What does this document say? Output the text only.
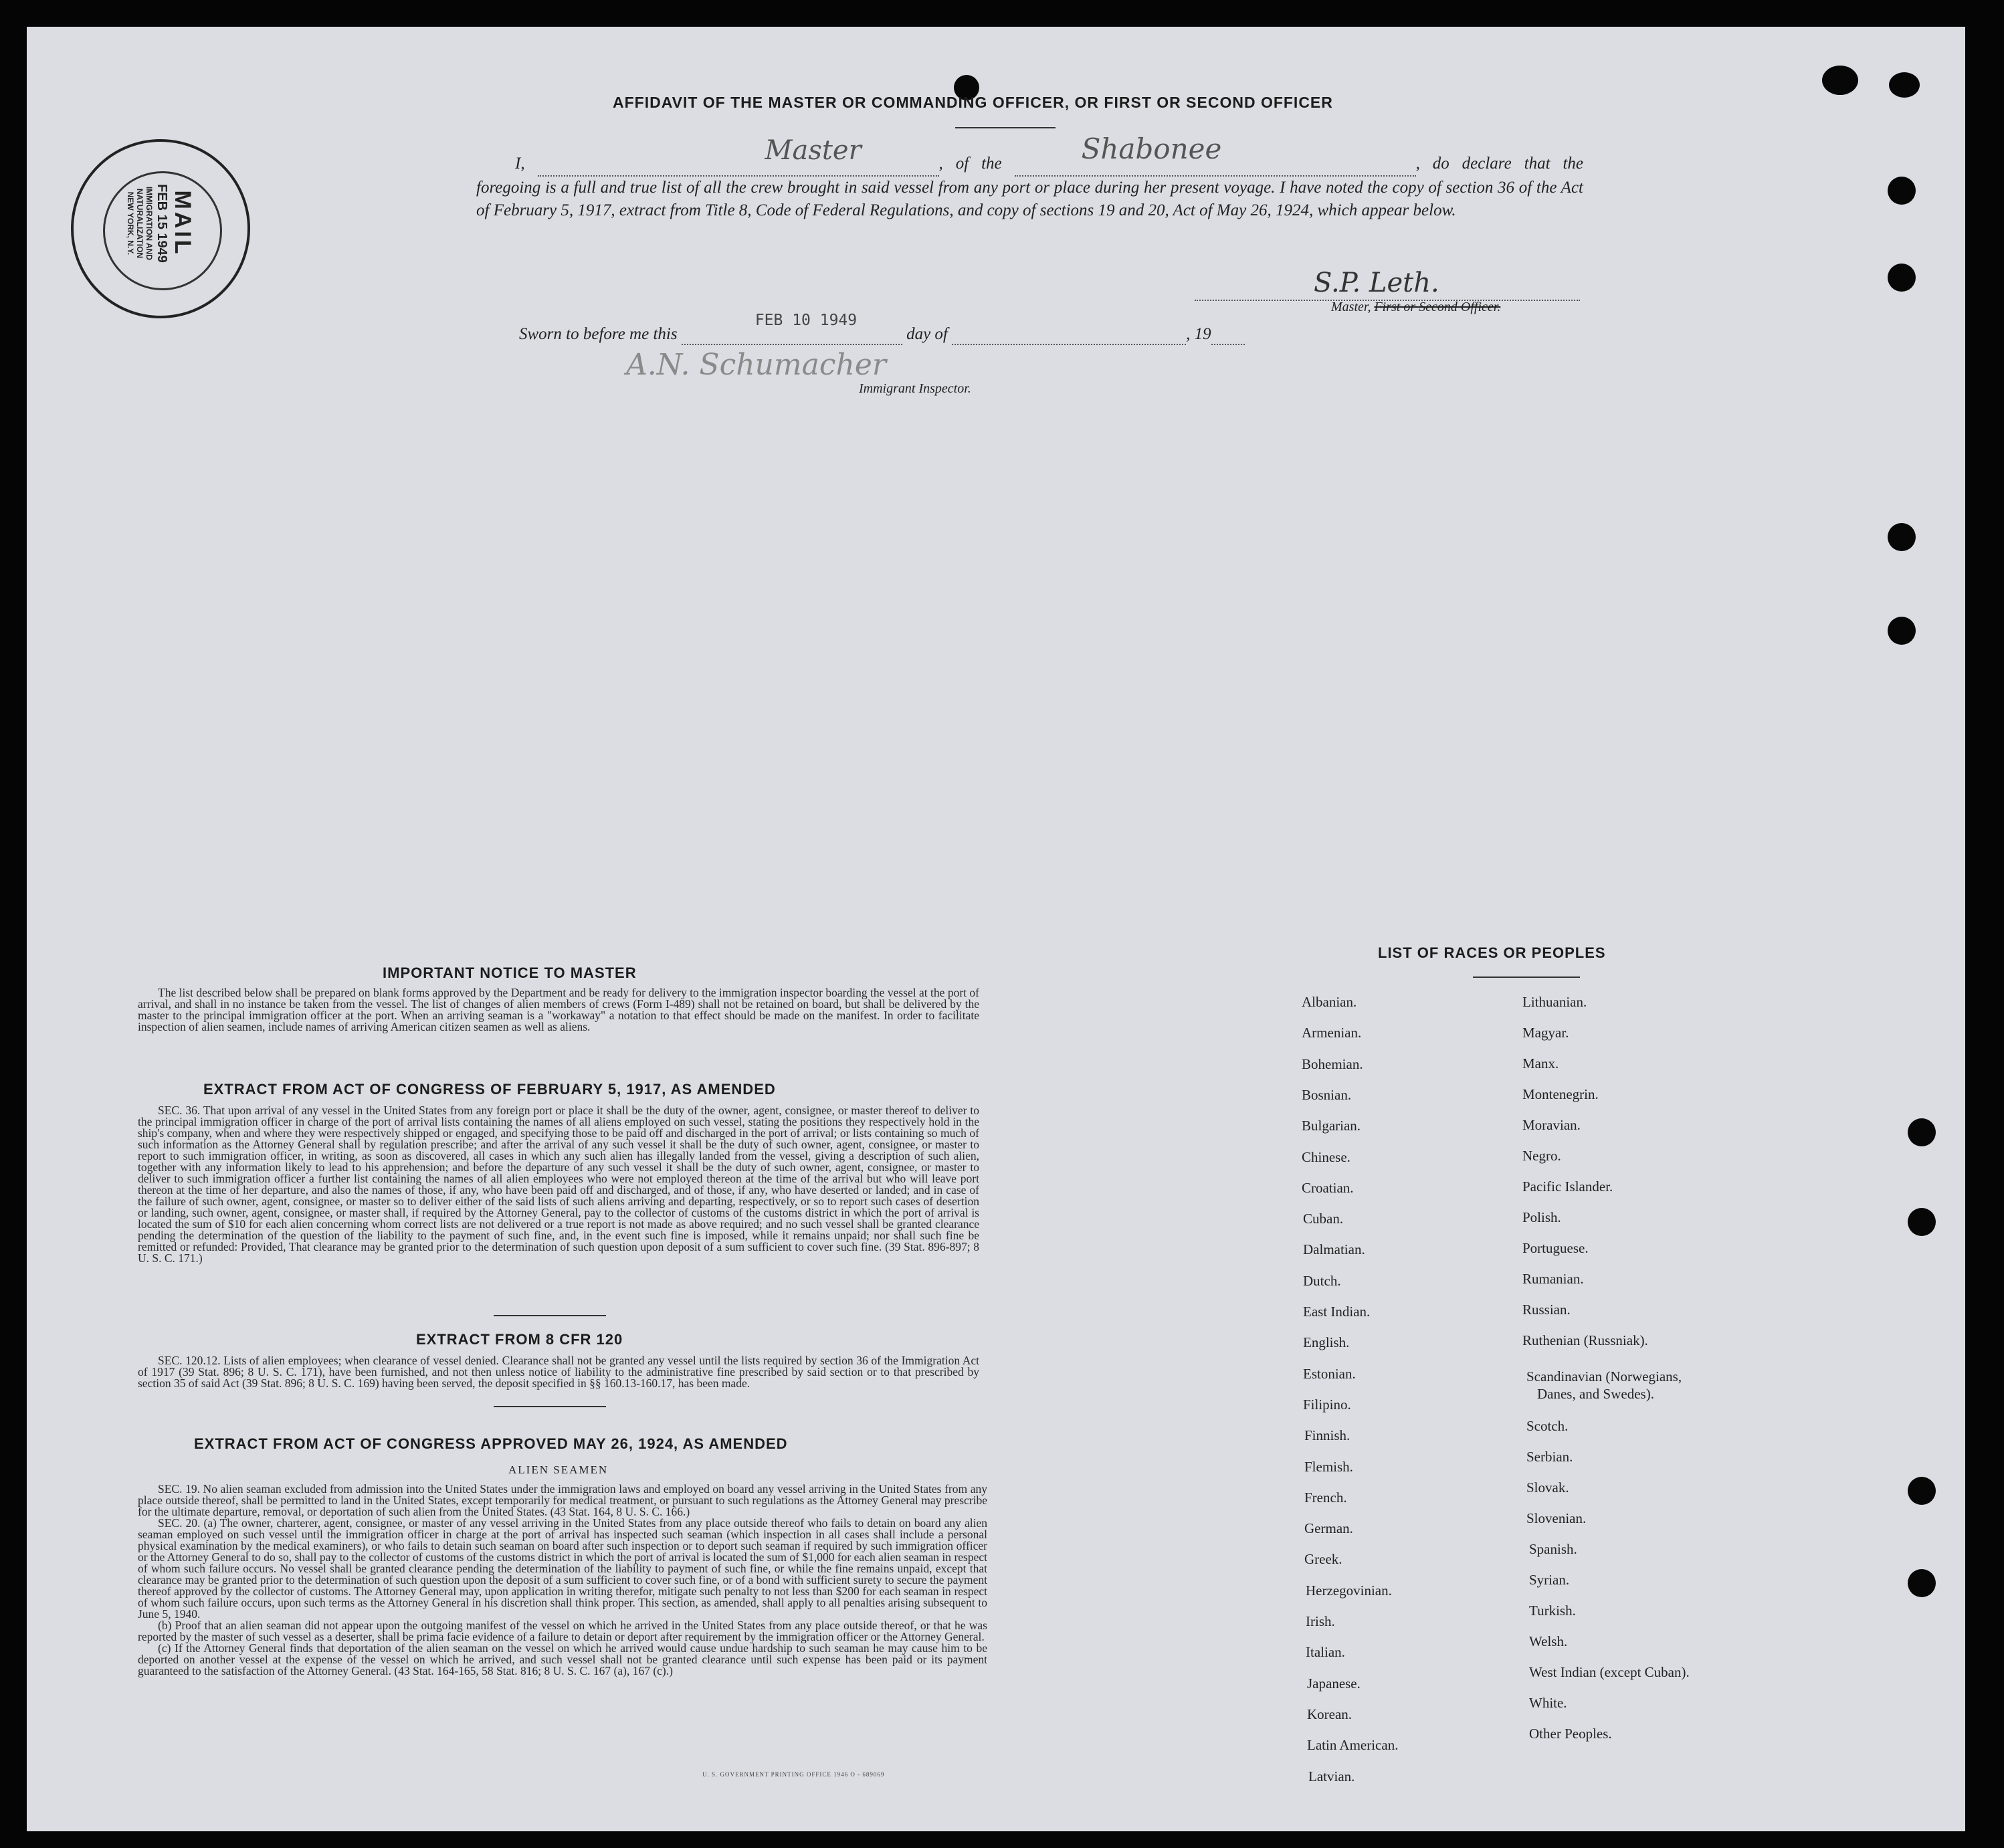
AFFIDAVIT OF THE MASTER OR COMMANDING OFFICER, OR FIRST OR SECOND OFFICER
I,	Master	, of the	Shabonee	, do declare that the foregoing is a full and true list of all the crew brought in said vessel from any port or place during her present voyage. I have noted the copy of section 36 of the Act of February 5, 1917, extract from Title 8, Code of Federal Regulations, and copy of sections 19 and 20, Act of May 26, 1924, which appear below.
S.P. Leth.
Master, First or Second Officer.
Sworn to before me this
FEB 10 1949
day of	, 19
A.N. Schumacher
Immigrant Inspector.
MAIL
FEB 15 1949
IMMIGRATION AND NATURALIZATION
NEW YORK, N.Y.
IMPORTANT NOTICE TO MASTER

The list described below shall be prepared on blank forms approved by the Department and be ready for delivery to the immigration inspector boarding the vessel at the port of arrival, and shall in no instance be taken from the vessel. The list of changes of alien members of crews (Form I-489) shall not be retained on board, but shall be delivered by the master to the principal immigration officer at the port. When an arriving seaman is a "workaway" a notation to that effect should be made on the manifest. In order to facilitate inspection of alien seamen, include names of arriving American citizen seamen as well as aliens.

EXTRACT FROM ACT OF CONGRESS OF FEBRUARY 5, 1917, AS AMENDED

SEC. 36. That upon arrival of any vessel in the United States from any foreign port or place it shall be the duty of the owner, agent, consignee, or master thereof to deliver to the principal immigration officer in charge of the port of arrival lists containing the names of all aliens employed on such vessel, stating the positions they respectively hold in the ship's company, when and where they were respectively shipped or engaged, and specifying those to be paid off and discharged in the port of arrival; or lists containing so much of such information as the Attorney General shall by regulation prescribe; and after the arrival of any such vessel it shall be the duty of such owner, agent, consignee, or master to report to such immigration officer, in writing, as soon as discovered, all cases in which any such alien has illegally landed from the vessel, giving a description of such alien, together with any information likely to lead to his apprehension; and before the departure of any such vessel it shall be the duty of such owner, agent, consignee, or master to deliver to such immigration officer a further list containing the names of all alien employees who were not employed thereon at the time of the arrival but who will leave port thereon at the time of her departure, and also the names of those, if any, who have been paid off and discharged, and of those, if any, who have deserted or landed; and in case of the failure of such owner, agent, consignee, or master so to deliver either of the said lists of such aliens arriving and departing, respectively, or so to report such cases of desertion or landing, such owner, agent, consignee, or master shall, if required by the Attorney General, pay to the collector of customs of the customs district in which the port of arrival is located the sum of $10 for each alien concerning whom correct lists are not delivered or a true report is not made as above required; and no such vessel shall be granted clearance pending the determination of the question of the liability to the payment of such fine, and, in the event such fine is imposed, while it remains unpaid; nor shall such fine be remitted or refunded: Provided, That clearance may be granted prior to the determination of such question upon deposit of a sum sufficient to cover such fine. (39 Stat. 896-897; 8 U. S. C. 171.)

EXTRACT FROM 8 CFR 120

SEC. 120.12. Lists of alien employees; when clearance of vessel denied. Clearance shall not be granted any vessel until the lists required by section 36 of the Immigration Act of 1917 (39 Stat. 896; 8 U. S. C. 171), have been furnished, and not then unless notice of liability to the administrative fine prescribed by said section or to that prescribed by section 35 of said Act (39 Stat. 896; 8 U. S. C. 169) having been served, the deposit specified in §§ 160.13-160.17, has been made.

EXTRACT FROM ACT OF CONGRESS APPROVED MAY 26, 1924, AS AMENDED
ALIEN SEAMEN

SEC. 19. No alien seaman excluded from admission into the United States under the immigration laws and employed on board any vessel arriving in the United States from any place outside thereof, shall be permitted to land in the United States, except temporarily for medical treatment, or pursuant to such regulations as the Attorney General may prescribe for the ultimate departure, removal, or deportation of such alien from the United States. (43 Stat. 164, 8 U. S. C. 166.)

SEC. 20. (a) The owner, charterer, agent, consignee, or master of any vessel arriving in the United States from any place outside thereof who fails to detain on board any alien seaman employed on such vessel until the immigration officer in charge at the port of arrival has inspected such seaman (which inspection in all cases shall include a personal physical examination by the medical examiners), or who fails to detain such seaman on board after such inspection or to deport such seaman if required by such immigration officer or the Attorney General to do so, shall pay to the collector of customs of the customs district in which the port of arrival is located the sum of $1,000 for each alien seaman in respect of whom such failure occurs. No vessel shall be granted clearance pending the determination of the liability to payment of such fine, or while the fine remains unpaid, except that clearance may be granted prior to the determination of such question upon the deposit of a sum sufficient to cover such fine, or of a bond with sufficient surety to secure the payment thereof approved by the collector of customs. The Attorney General may, upon application in writing therefor, mitigate such penalty to not less than $200 for each seaman in respect of whom such failure occurs, upon such terms as the Attorney General in his discretion shall think proper. This section, as amended, shall apply to all penalties arising subsequent to June 5, 1940.

(b) Proof that an alien seaman did not appear upon the outgoing manifest of the vessel on which he arrived in the United States from any place outside thereof, or that he was reported by the master of such vessel as a deserter, shall be prima facie evidence of a failure to detain or deport after requirement by the immigration officer or the Attorney General.

(c) If the Attorney General finds that deportation of the alien seaman on the vessel on which he arrived would cause undue hardship to such seaman he may cause him to be deported on another vessel at the expense of the vessel on which he arrived, and such vessel shall not be granted clearance until such expense has been paid or its payment guaranteed to the satisfaction of the Attorney General. (43 Stat. 164-165, 58 Stat. 816; 8 U. S. C. 167 (a), 167 (c).)

U. S. GOVERNMENT PRINTING OFFICE 1946 O - 689069
LIST OF RACES OR PEOPLES
Albanian.
Armenian.
Bohemian.
Bosnian.
Bulgarian.
Chinese.
Croatian.
Cuban.
Dalmatian.
Dutch.
East Indian.
English.
Estonian.
Filipino.
Finnish.
Flemish.
French.
German.
Greek.
Herzegovinian.
Irish.
Italian.
Japanese.
Korean.
Latin American.
Latvian.
Lithuanian.
Magyar.
Manx.
Montenegrin.
Moravian.
Negro.
Pacific Islander.
Polish.
Portuguese.
Rumanian.
Russian.
Ruthenian (Russniak).
Scandinavian (Norwegians,
Danes, and Swedes).
Scotch.
Serbian.
Slovak.
Slovenian.
Spanish.
Syrian.
Turkish.
Welsh.
West Indian (except Cuban).
White.
Other Peoples.
